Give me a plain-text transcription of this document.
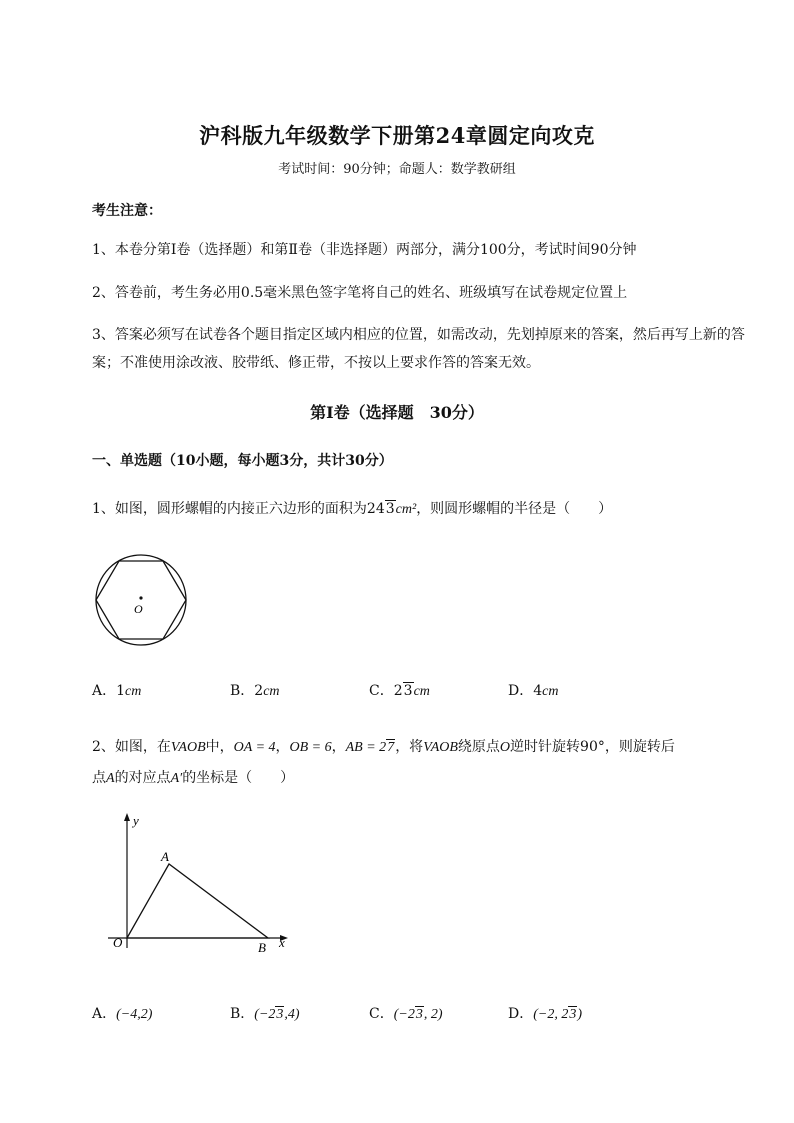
沪科版九年级数学下册第24章圆定向攻克
考试时间：90分钟；命题人：数学教研组
考生注意：
1、本卷分第I卷（选择题）和第Ⅱ卷（非选择题）两部分，满分100分，考试时间90分钟
2、答卷前，考生务必用0.5毫米黑色签字笔将自己的姓名、班级填写在试卷规定位置上
3、答案必须写在试卷各个题目指定区域内相应的位置，如需改动，先划掉原来的答案，然后再写上新的答案；不准使用涂改液、胶带纸、修正带，不按以上要求作答的答案无效。
第I卷（选择题　30分）
一、单选题（10小题，每小题3分，共计30分）
1、如图，圆形螺帽的内接正六边形的面积为243cm²，则圆形螺帽的半径是（　　）
O
A．1cm	B．2cm	C．23cm	D．4cm
2、如图，在VAOB中，OA = 4，OB = 6，AB = 27，将VAOB绕原点O逆时针旋转90°，则旋转后
点A的对应点A′的坐标是（　　）
y
x
A
O	B
A．(−4,2)	B．(−23,4)	C．(−23, 2)	D．(−2, 23)
